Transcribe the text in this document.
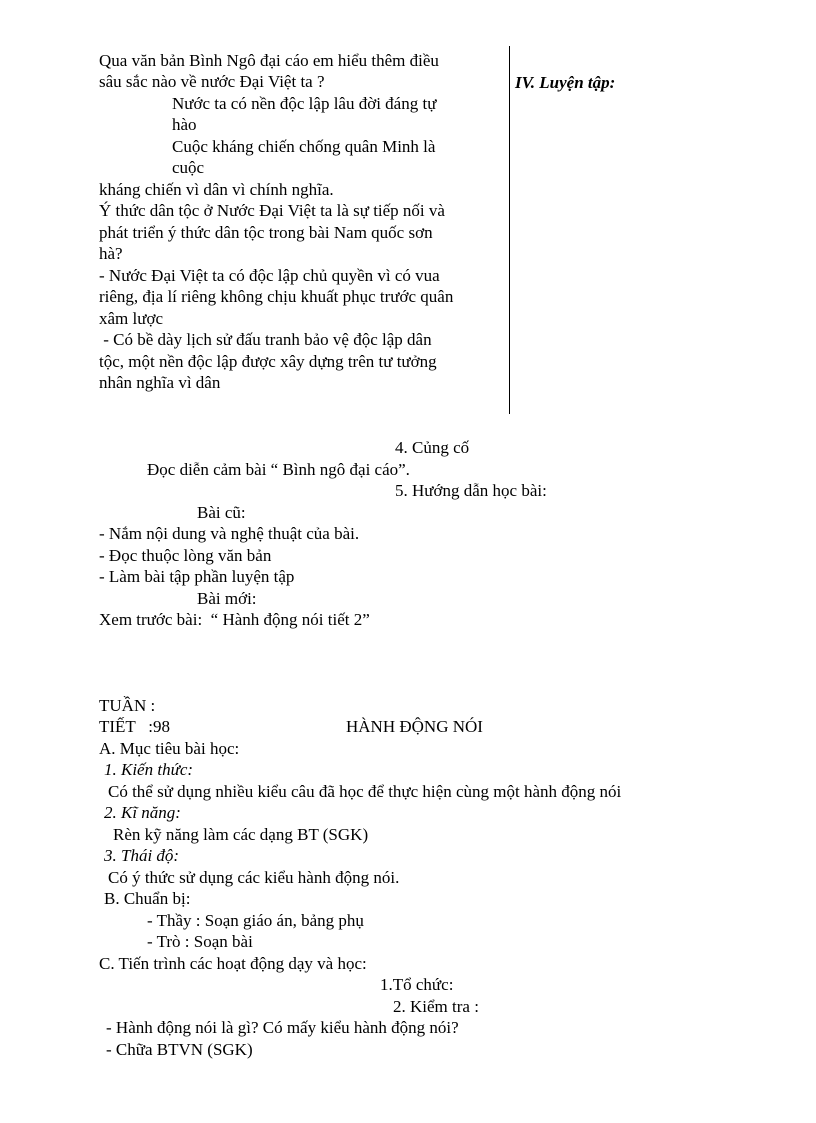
Qua văn bản Bình Ngô đại cáo em hiểu thêm điều
sâu sắc nào về nước Đại Việt ta ?
Nước ta có nền độc lập lâu đời đáng tự
hào
Cuộc kháng chiến chống quân Minh là
cuộc
kháng chiến vì dân vì chính nghĩa.
Ý thức dân tộc ở Nước Đại Việt ta là sự tiếp nối và
phát triển ý thức dân tộc trong bài Nam quốc sơn
hà?
- Nước Đại Việt ta có độc lập chủ quyền vì có vua
riêng, địa lí riêng không chịu khuất phục trước quân
xâm lược
- Có bề dày lịch sử đấu tranh bảo vệ độc lập dân
tộc, một nền độc lập được xây dựng trên tư tưởng
nhân nghĩa vì dân
IV. Luyện tập:
4. Củng cố
Đọc diễn cảm bài “ Bình ngô đại cáo”.
5. Hướng dẫn học bài:
Bài cũ:
- Nắm nội dung và nghệ thuật của bài.
- Đọc thuộc lòng văn bản
- Làm bài tập phần luyện tập
Bài mới:
Xem trước bài:  “ Hành động nói tiết 2”
TUẦN :
TIẾT   :98	HÀNH ĐỘNG NÓI
A. Mục tiêu bài học:
1. Kiến thức:
Có thể sử dụng nhiều kiểu câu đã học để thực hiện cùng một hành động nói
2. Kĩ năng:
Rèn kỹ năng làm các dạng BT (SGK)
3. Thái độ:
Có ý thức sử dụng các kiểu hành động nói.
B. Chuẩn bị:
- Thầy : Soạn giáo án, bảng phụ
- Trò : Soạn bài
C. Tiến trình các hoạt động dạy và học:
1.Tổ chức:
2. Kiểm tra :
- Hành động nói là gì? Có mấy kiểu hành động nói?
- Chữa BTVN (SGK)
